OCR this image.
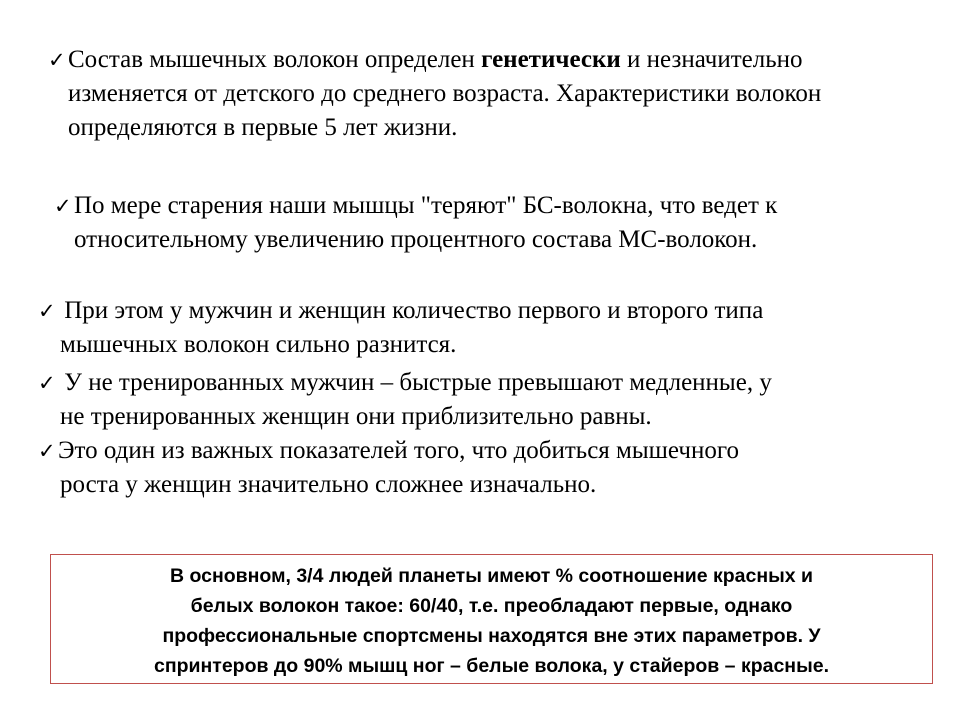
✓ Состав мышечных волокон определен генетически и незначительно
изменяется от детского до среднего возраста. Характеристики волокон
определяются в первые 5 лет жизни.
✓ По мере старения наши мышцы "теряют" БС-волокна, что ведет к
относительному увеличению процентного состава МС-волокон.
✓ При этом у мужчин и женщин количество первого и второго типа
мышечных волокон сильно разнится.
✓ У не тренированных мужчин – быстрые превышают медленные, у
не тренированных женщин они приблизительно равны.
✓ Это один из важных показателей того, что добиться мышечного
роста у женщин значительно сложнее изначально.
В основном, 3/4 людей планеты имеют % соотношение красных и
белых волокон такое: 60/40, т.е. преобладают первые, однако
профессиональные спортсмены находятся вне этих параметров. У
спринтеров до 90% мышц ног – белые волока, у стайеров – красные.
